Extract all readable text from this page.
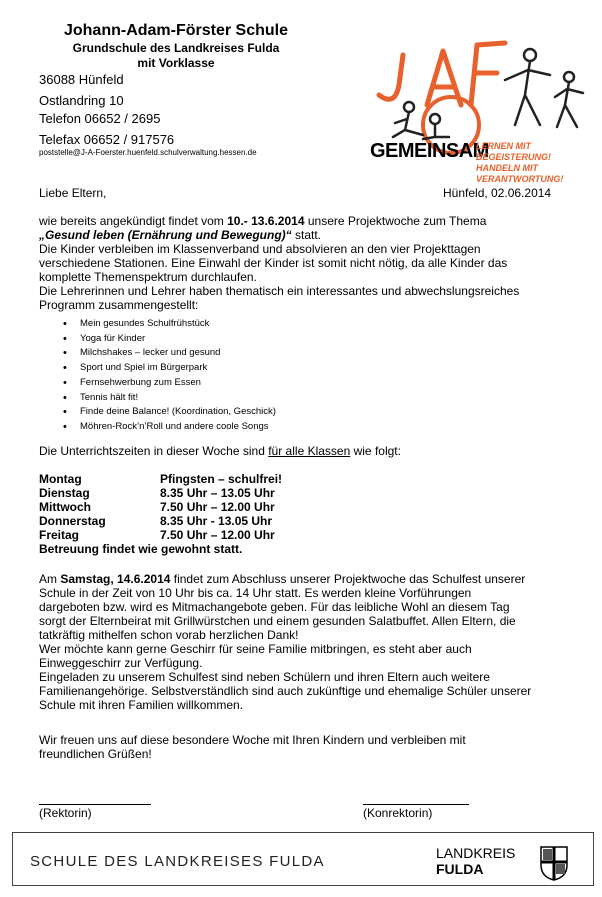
Johann-Adam-Förster Schule
Grundschule des Landkreises Fulda
mit Vorklasse
36088 Hünfeld
Ostlandring 10
Telefon 06652 / 2695
Telefax 06652 / 917576
poststelle@J-A-Foerster.huenfeld.schulverwaltung.hessen.de	GEMEINSAM
LERNEN MIT BEGEISTERUNG!
HANDELN MIT VERANTWORTUNG!
Liebe Eltern,	Hünfeld, 02.06.2014
wie bereits angekündigt findet vom 10.- 13.6.2014 unsere Projektwoche zum Thema
„Gesund leben (Ernährung und Bewegung)“ statt.
Die Kinder verbleiben im Klassenverband und absolvieren an den vier Projekttagen
verschiedene Stationen. Eine Einwahl der Kinder ist somit nicht nötig, da alle Kinder das
komplette Themenspektrum durchlaufen.
Die Lehrerinnen und Lehrer haben thematisch ein interessantes und abwechslungsreiches
Programm zusammengestellt:
• Mein gesundes Schulfrühstück
• Yoga für Kinder
• Milchshakes – lecker und gesund
• Sport und Spiel im Bürgerpark
• Fernsehwerbung zum Essen
• Tennis hält fit!
• Finde deine Balance! (Koordination, Geschick)
• Möhren-Rock’n’Roll und andere coole Songs
Die Unterrichtszeiten in dieser Woche sind für alle Klassen wie folgt:
Montag	Pfingsten – schulfrei!
Dienstag	8.35 Uhr – 13.05 Uhr
Mittwoch	7.50 Uhr – 12.00 Uhr
Donnerstag	8.35 Uhr - 13.05 Uhr
Freitag	7.50 Uhr – 12.00 Uhr
Betreuung findet wie gewohnt statt.
Am Samstag, 14.6.2014 findet zum Abschluss unserer Projektwoche das Schulfest unserer
Schule in der Zeit von 10 Uhr bis ca. 14 Uhr statt. Es werden kleine Vorführungen
dargeboten bzw. wird es Mitmachangebote geben. Für das leibliche Wohl an diesem Tag
sorgt der Elternbeirat mit Grillwürstchen und einem gesunden Salatbuffet. Allen Eltern, die
tatkräftig mithelfen schon vorab herzlichen Dank!
Wer möchte kann gerne Geschirr für seine Familie mitbringen, es steht aber auch
Einweggeschirr zur Verfügung.
Eingeladen zu unserem Schulfest sind neben Schülern und ihren Eltern auch weitere
Familienangehörige. Selbstverständlich sind auch zukünftige und ehemalige Schüler unserer
Schule mit ihren Familien willkommen.
Wir freuen uns auf diese besondere Woche mit Ihren Kindern und verbleiben mit
freundlichen Grüßen!
(Rektorin)	(Konrektorin)
SCHULE DES LANDKREISES FULDA	LANDKREIS
FULDA
